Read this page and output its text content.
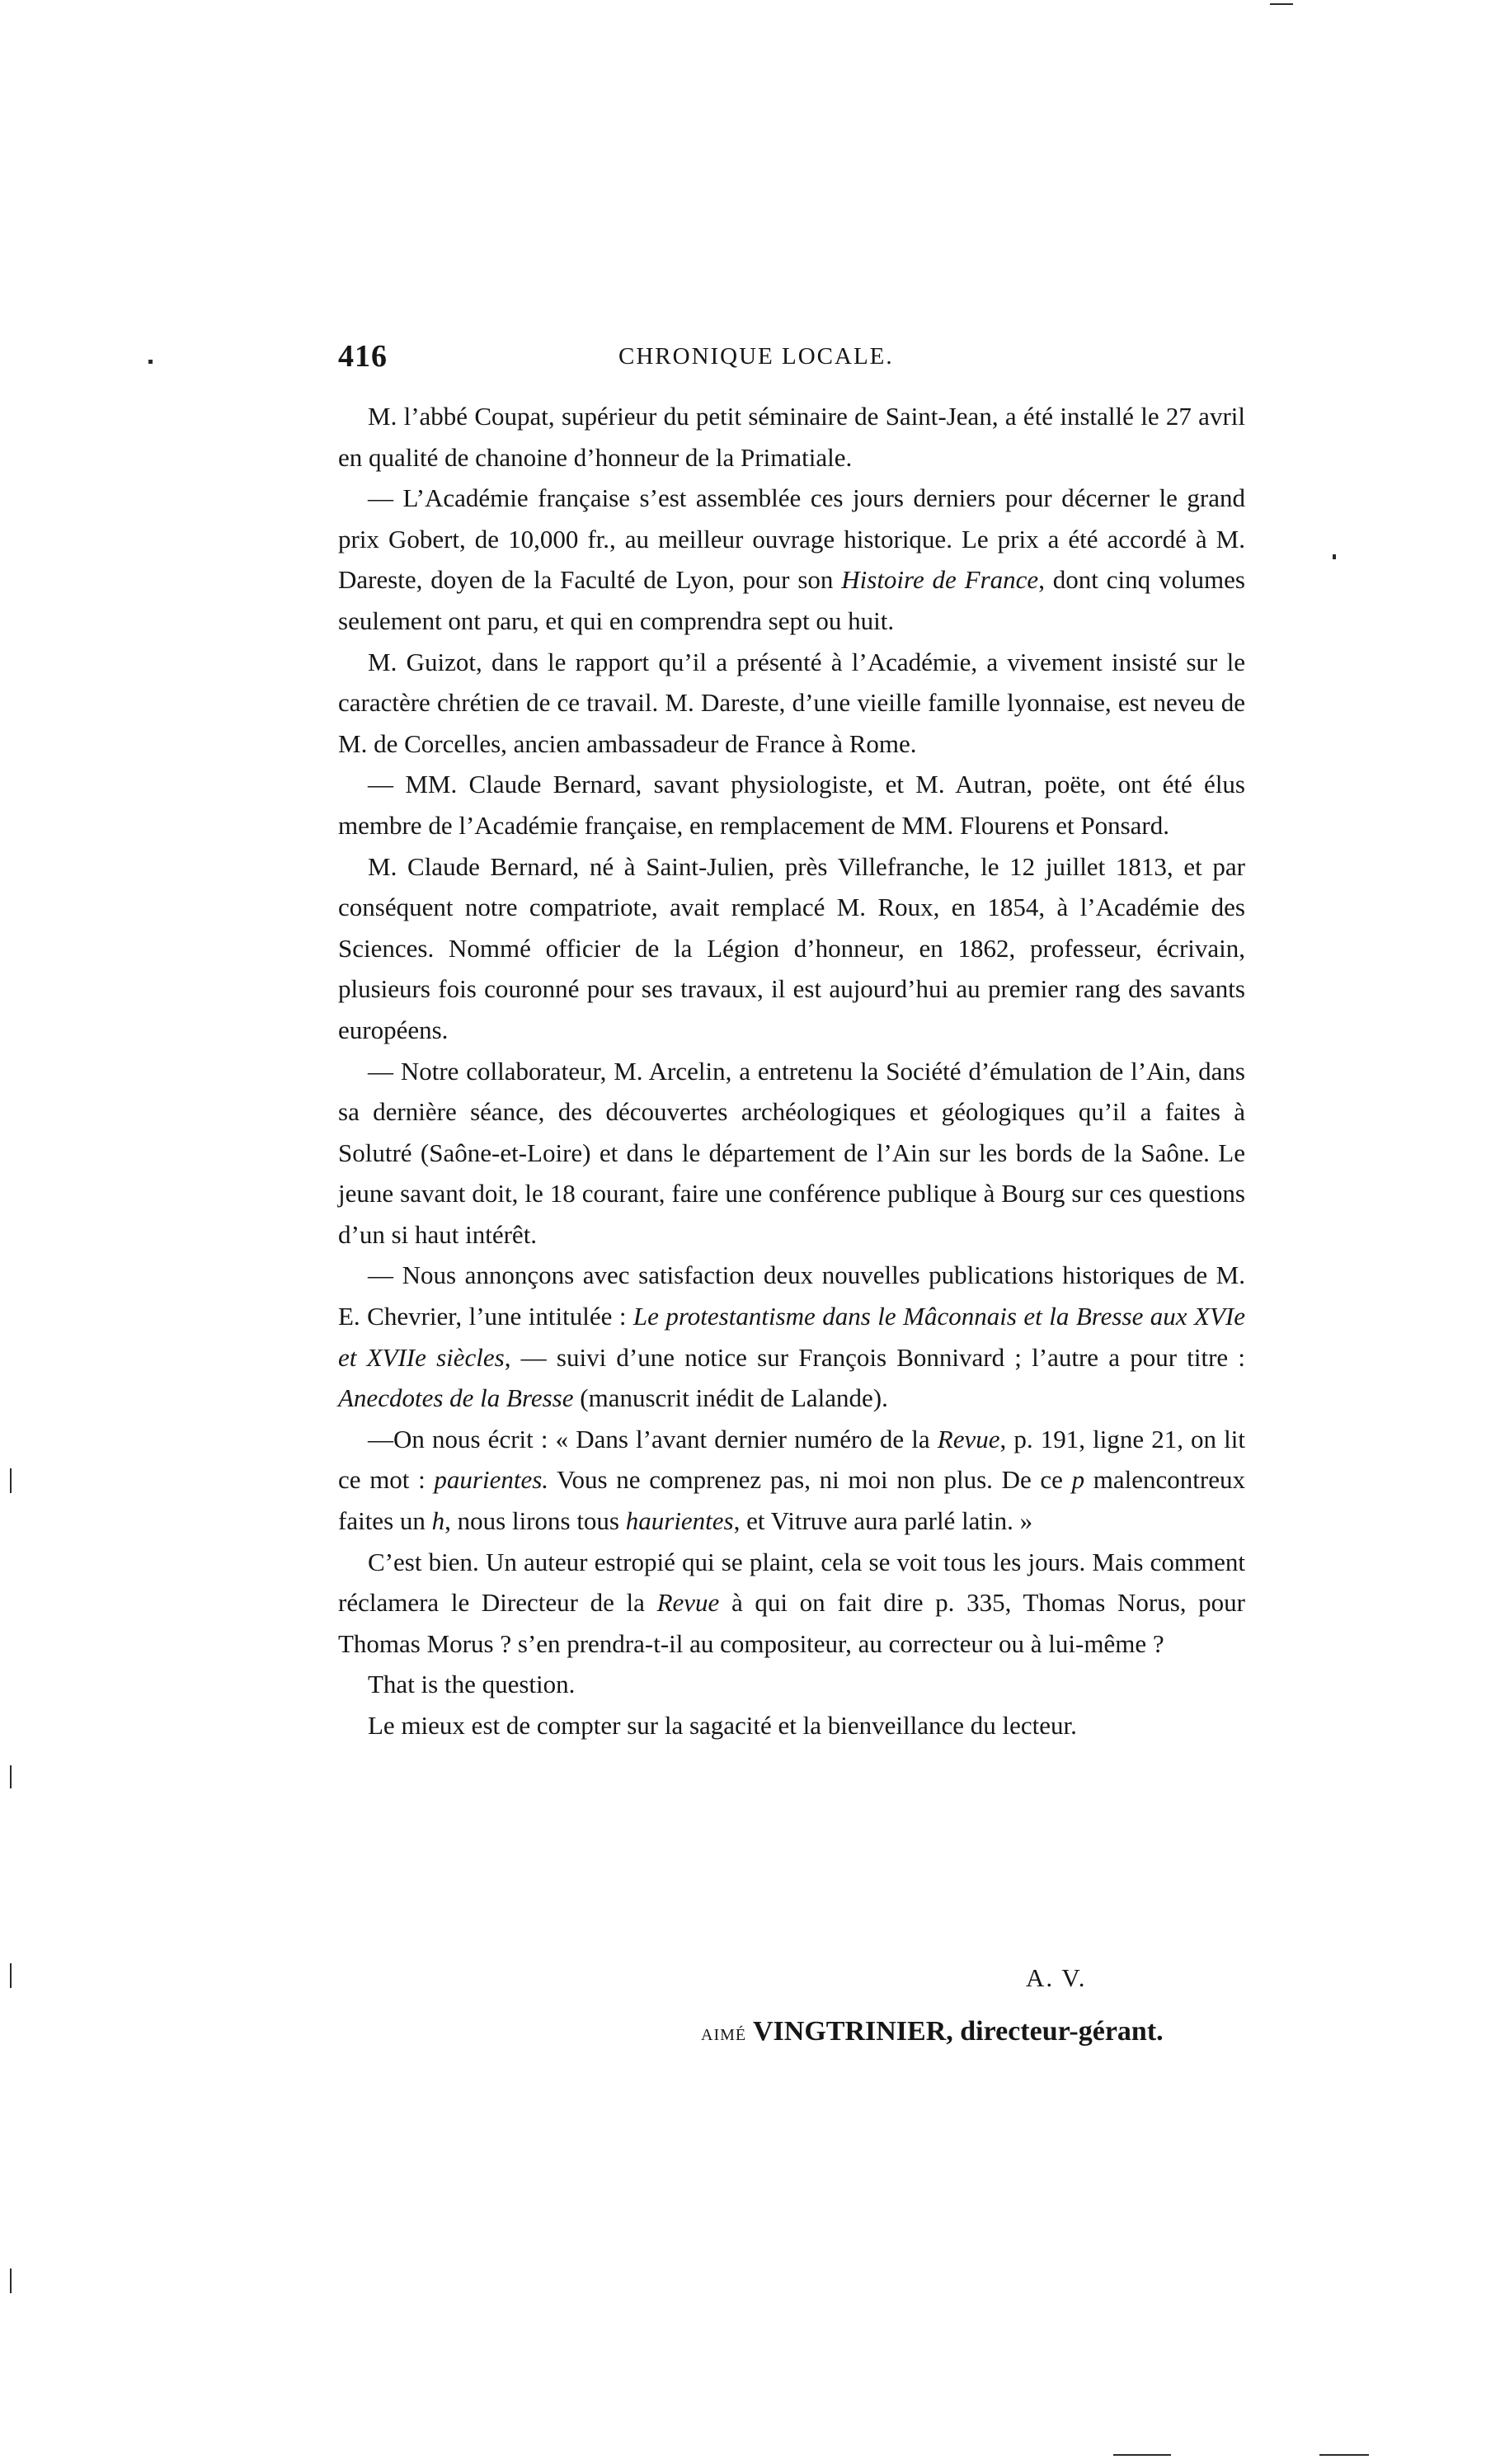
416	CHRONIQUE LOCALE.

M. l’abbé Coupat, supérieur du petit séminaire de Saint-Jean, a été installé le 27 avril en qualité de chanoine d’honneur de la Primatiale.

— L’Académie française s’est assemblée ces jours derniers pour décerner le grand prix Gobert, de 10,000 fr., au meilleur ouvrage historique. Le prix a été accordé à M. Dareste, doyen de la Faculté de Lyon, pour son Histoire de France, dont cinq volumes seulement ont paru, et qui en comprendra sept ou huit.

M. Guizot, dans le rapport qu’il a présenté à l’Académie, a vivement insisté sur le caractère chrétien de ce travail. M. Dareste, d’une vieille famille lyonnaise, est neveu de M. de Corcelles, ancien ambassadeur de France à Rome.

— MM. Claude Bernard, savant physiologiste, et M. Autran, poëte, ont été élus membre de l’Académie française, en remplacement de MM. Flourens et Ponsard.

M. Claude Bernard, né à Saint-Julien, près Villefranche, le 12 juillet 1813, et par conséquent notre compatriote, avait remplacé M. Roux, en 1854, à l’Académie des Sciences. Nommé officier de la Légion d’honneur, en 1862, professeur, écrivain, plusieurs fois couronné pour ses travaux, il est aujourd’hui au premier rang des savants européens.

— Notre collaborateur, M. Arcelin, a entretenu la Société d’émulation de l’Ain, dans sa dernière séance, des découvertes archéologiques et géologiques qu’il a faites à Solutré (Saône-et-Loire) et dans le département de l’Ain sur les bords de la Saône. Le jeune savant doit, le 18 courant, faire une conférence publique à Bourg sur ces questions d’un si haut intérêt.

— Nous annonçons avec satisfaction deux nouvelles publications historiques de M. E. Chevrier, l’une intitulée : Le protestantisme dans le Mâconnais et la Bresse aux XVIe et XVIIe siècles, — suivi d’une notice sur François Bonnivard ; l’autre a pour titre : Anecdotes de la Bresse (manuscrit inédit de Lalande).

—On nous écrit : « Dans l’avant dernier numéro de la Revue, p. 191, ligne 21, on lit ce mot : paurientes. Vous ne comprenez pas, ni moi non plus. De ce p malencontreux faites un h, nous lirons tous haurientes, et Vitruve aura parlé latin. »

C’est bien. Un auteur estropié qui se plaint, cela se voit tous les jours. Mais comment réclamera le Directeur de la Revue à qui on fait dire p. 335, Thomas Norus, pour Thomas Morus ? s’en prendra-t-il au compositeur, au correcteur ou à lui-même ?

That is the question.

Le mieux est de compter sur la sagacité et la bienveillance du lecteur.

A. V.
AIMÉ VINGTRINIER, directeur-gérant.
